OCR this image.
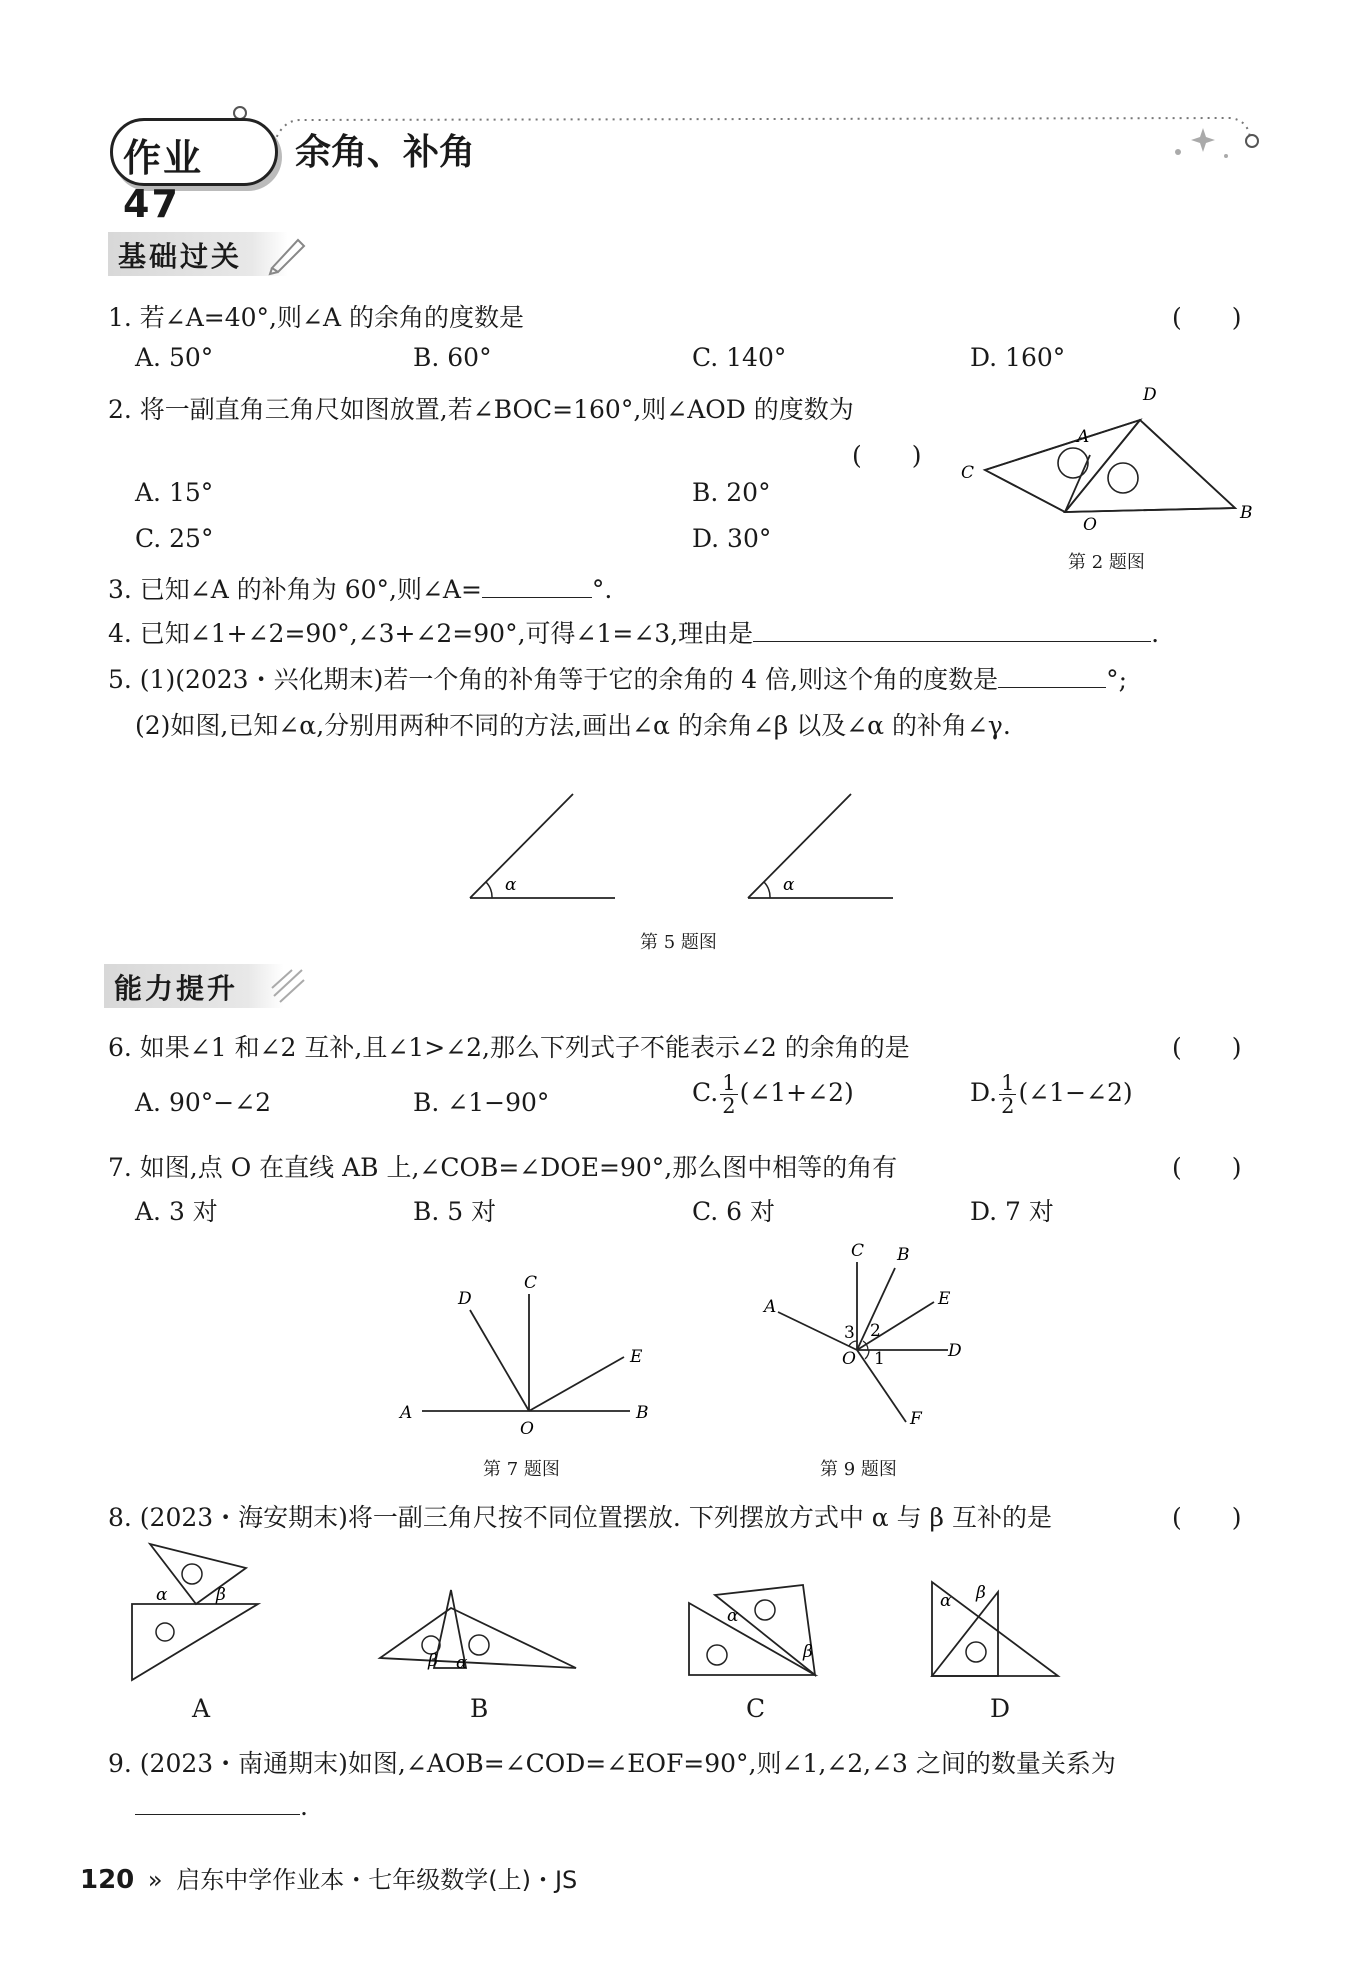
作业 47
余角、补角
基础过关
1. 若∠A=40°,则∠A 的余角的度数是	(　　)
A. 50°	B. 60°	C. 140°	D. 160°
2. 将一副直角三角尺如图放置,若∠BOC=160°,则∠AOD 的度数为
(　　)
A. 15°	B. 20°
C. 25°	D. 30°
D
A
C
O
B
第 2 题图
3. 已知∠A 的补角为 60°,则∠A=	°.
4. 已知∠1+∠2=90°,∠3+∠2=90°,可得∠1=∠3,理由是	.
5. (1)(2023・兴化期末)若一个角的补角等于它的余角的 4 倍,则这个角的度数是	°;
(2)如图,已知∠α,分别用两种不同的方法,画出∠α 的余角∠β 以及∠α 的补角∠γ.
α	α
第 5 题图
能力提升
6. 如果∠1 和∠2 互补,且∠1>∠2,那么下列式子不能表示∠2 的余角的是	(　　)
A. 90°−∠2	B. ∠1−90°	C. $\frac{1}{2}$ (∠1+∠2)	D. $\frac{1}{2}$ (∠1−∠2)
7. 如图,点 O 在直线 AB 上,∠COB=∠DOE=90°,那么图中相等的角有	(　　)
A. 3 对	B. 5 对	C. 6 对	D. 7 对
D
C
E
A
O
B
第 7 题图
C B
A	E
3 2
O 1	D
F
第 9 题图
8. (2023・海安期末)将一副三角尺按不同位置摆放. 下列摆放方式中 α 与 β 互补的是	(　　)
α	β
β α
α
β
α β
A	B	C	D
9. (2023・南通期末)如图,∠AOB=∠COD=∠EOF=90°,则∠1,∠2,∠3 之间的数量关系为
.
120 » 启东中学作业本・七年级数学(上)・JS
